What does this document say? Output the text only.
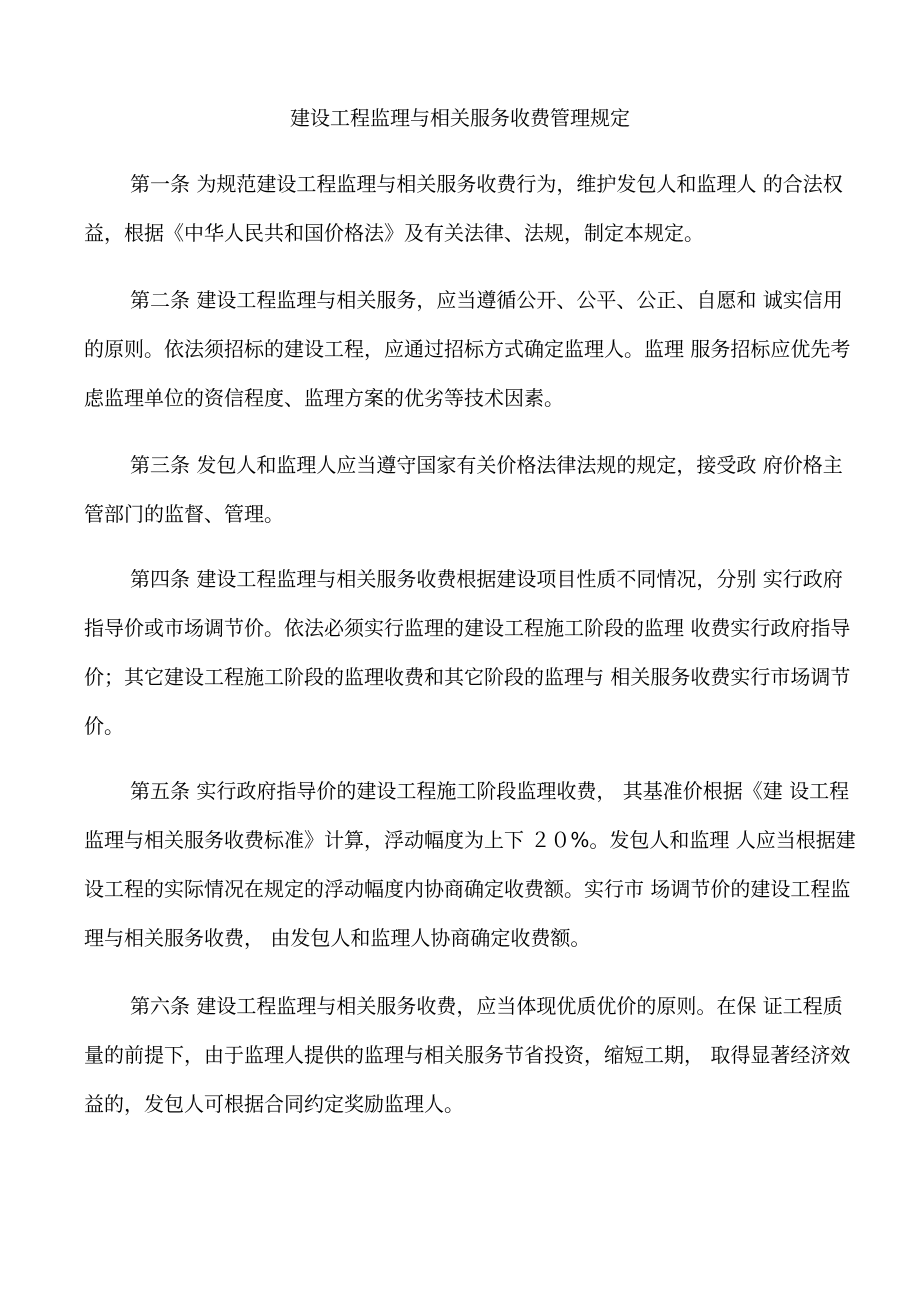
建设工程监理与相关服务收费管理规定
第一条 为规范建设工程监理与相关服务收费行为，维护发包人和监理人 的合法权
益，根据《中华人民共和国价格法》及有关法律、法规，制定本规定。
第二条 建设工程监理与相关服务，应当遵循公开、公平、公正、自愿和 诚实信用
的原则。依法须招标的建设工程，应通过招标方式确定监理人。监理 服务招标应优先考
虑监理单位的资信程度、监理方案的优劣等技术因素。
第三条 发包人和监理人应当遵守国家有关价格法律法规的规定，接受政 府价格主
管部门的监督、管理。
第四条 建设工程监理与相关服务收费根据建设项目性质不同情况，分别 实行政府
指导价或市场调节价。依法必须实行监理的建设工程施工阶段的监理 收费实行政府指导
价；其它建设工程施工阶段的监理收费和其它阶段的监理与 相关服务收费实行市场调节
价。
第五条 实行政府指导价的建设工程施工阶段监理收费， 其基准价根据《建 设工程
监理与相关服务收费标准》计算，浮动幅度为上下 ２０%。发包人和监理 人应当根据建
设工程的实际情况在规定的浮动幅度内协商确定收费额。实行市 场调节价的建设工程监
理与相关服务收费， 由发包人和监理人协商确定收费额。
第六条 建设工程监理与相关服务收费，应当体现优质优价的原则。在保 证工程质
量的前提下，由于监理人提供的监理与相关服务节省投资，缩短工期， 取得显著经济效
益的，发包人可根据合同约定奖励监理人。
